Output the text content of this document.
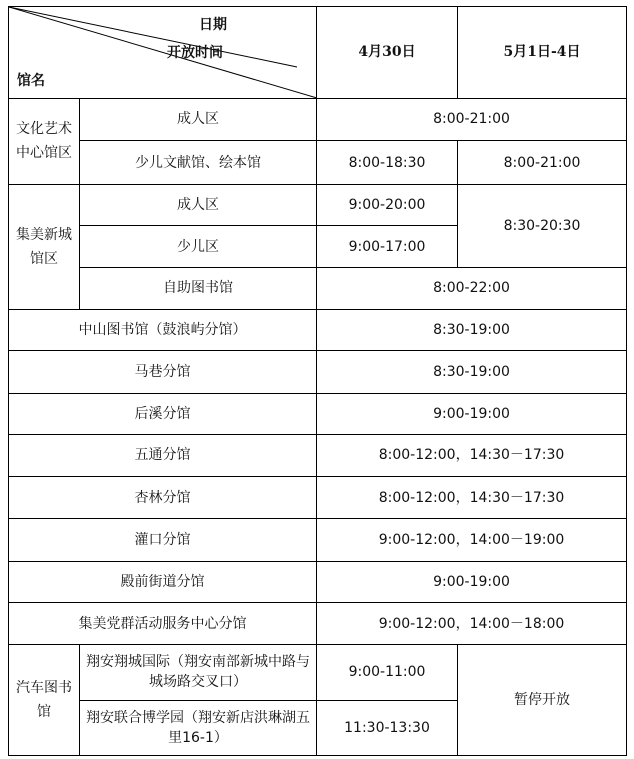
日期
开放时间
馆名		4月30日	5月1日-4日
文化艺术中心馆区	成人区	8:00-21:00	
	少儿文献馆、绘本馆	8:00-18:30	8:00-21:00
集美新城馆区	成人区	9:00-20:00	8:30-20:30
	少儿区	9:00-17:00	
	自助图书馆	8:00-22:00	
中山图书馆（鼓浪屿分馆）		8:30-19:00	
马巷分馆		8:30-19:00	
后溪分馆		9:00-19:00	
五通分馆		8:00-12:00，14:30－17:30	
杏林分馆		8:00-12:00，14:30－17:30	
灌口分馆		9:00-12:00，14:00－19:00	
殿前街道分馆		9:00-19:00	
集美党群活动服务中心分馆		9:00-12:00，14:00－18:00	
汽车图书馆	翔安翔城国际（翔安南部新城中路与城场路交叉口）	9:00-11:00	暂停开放
	翔安联合博学园（翔安新店洪琳湖五里16-1）	11:30-13:30	
